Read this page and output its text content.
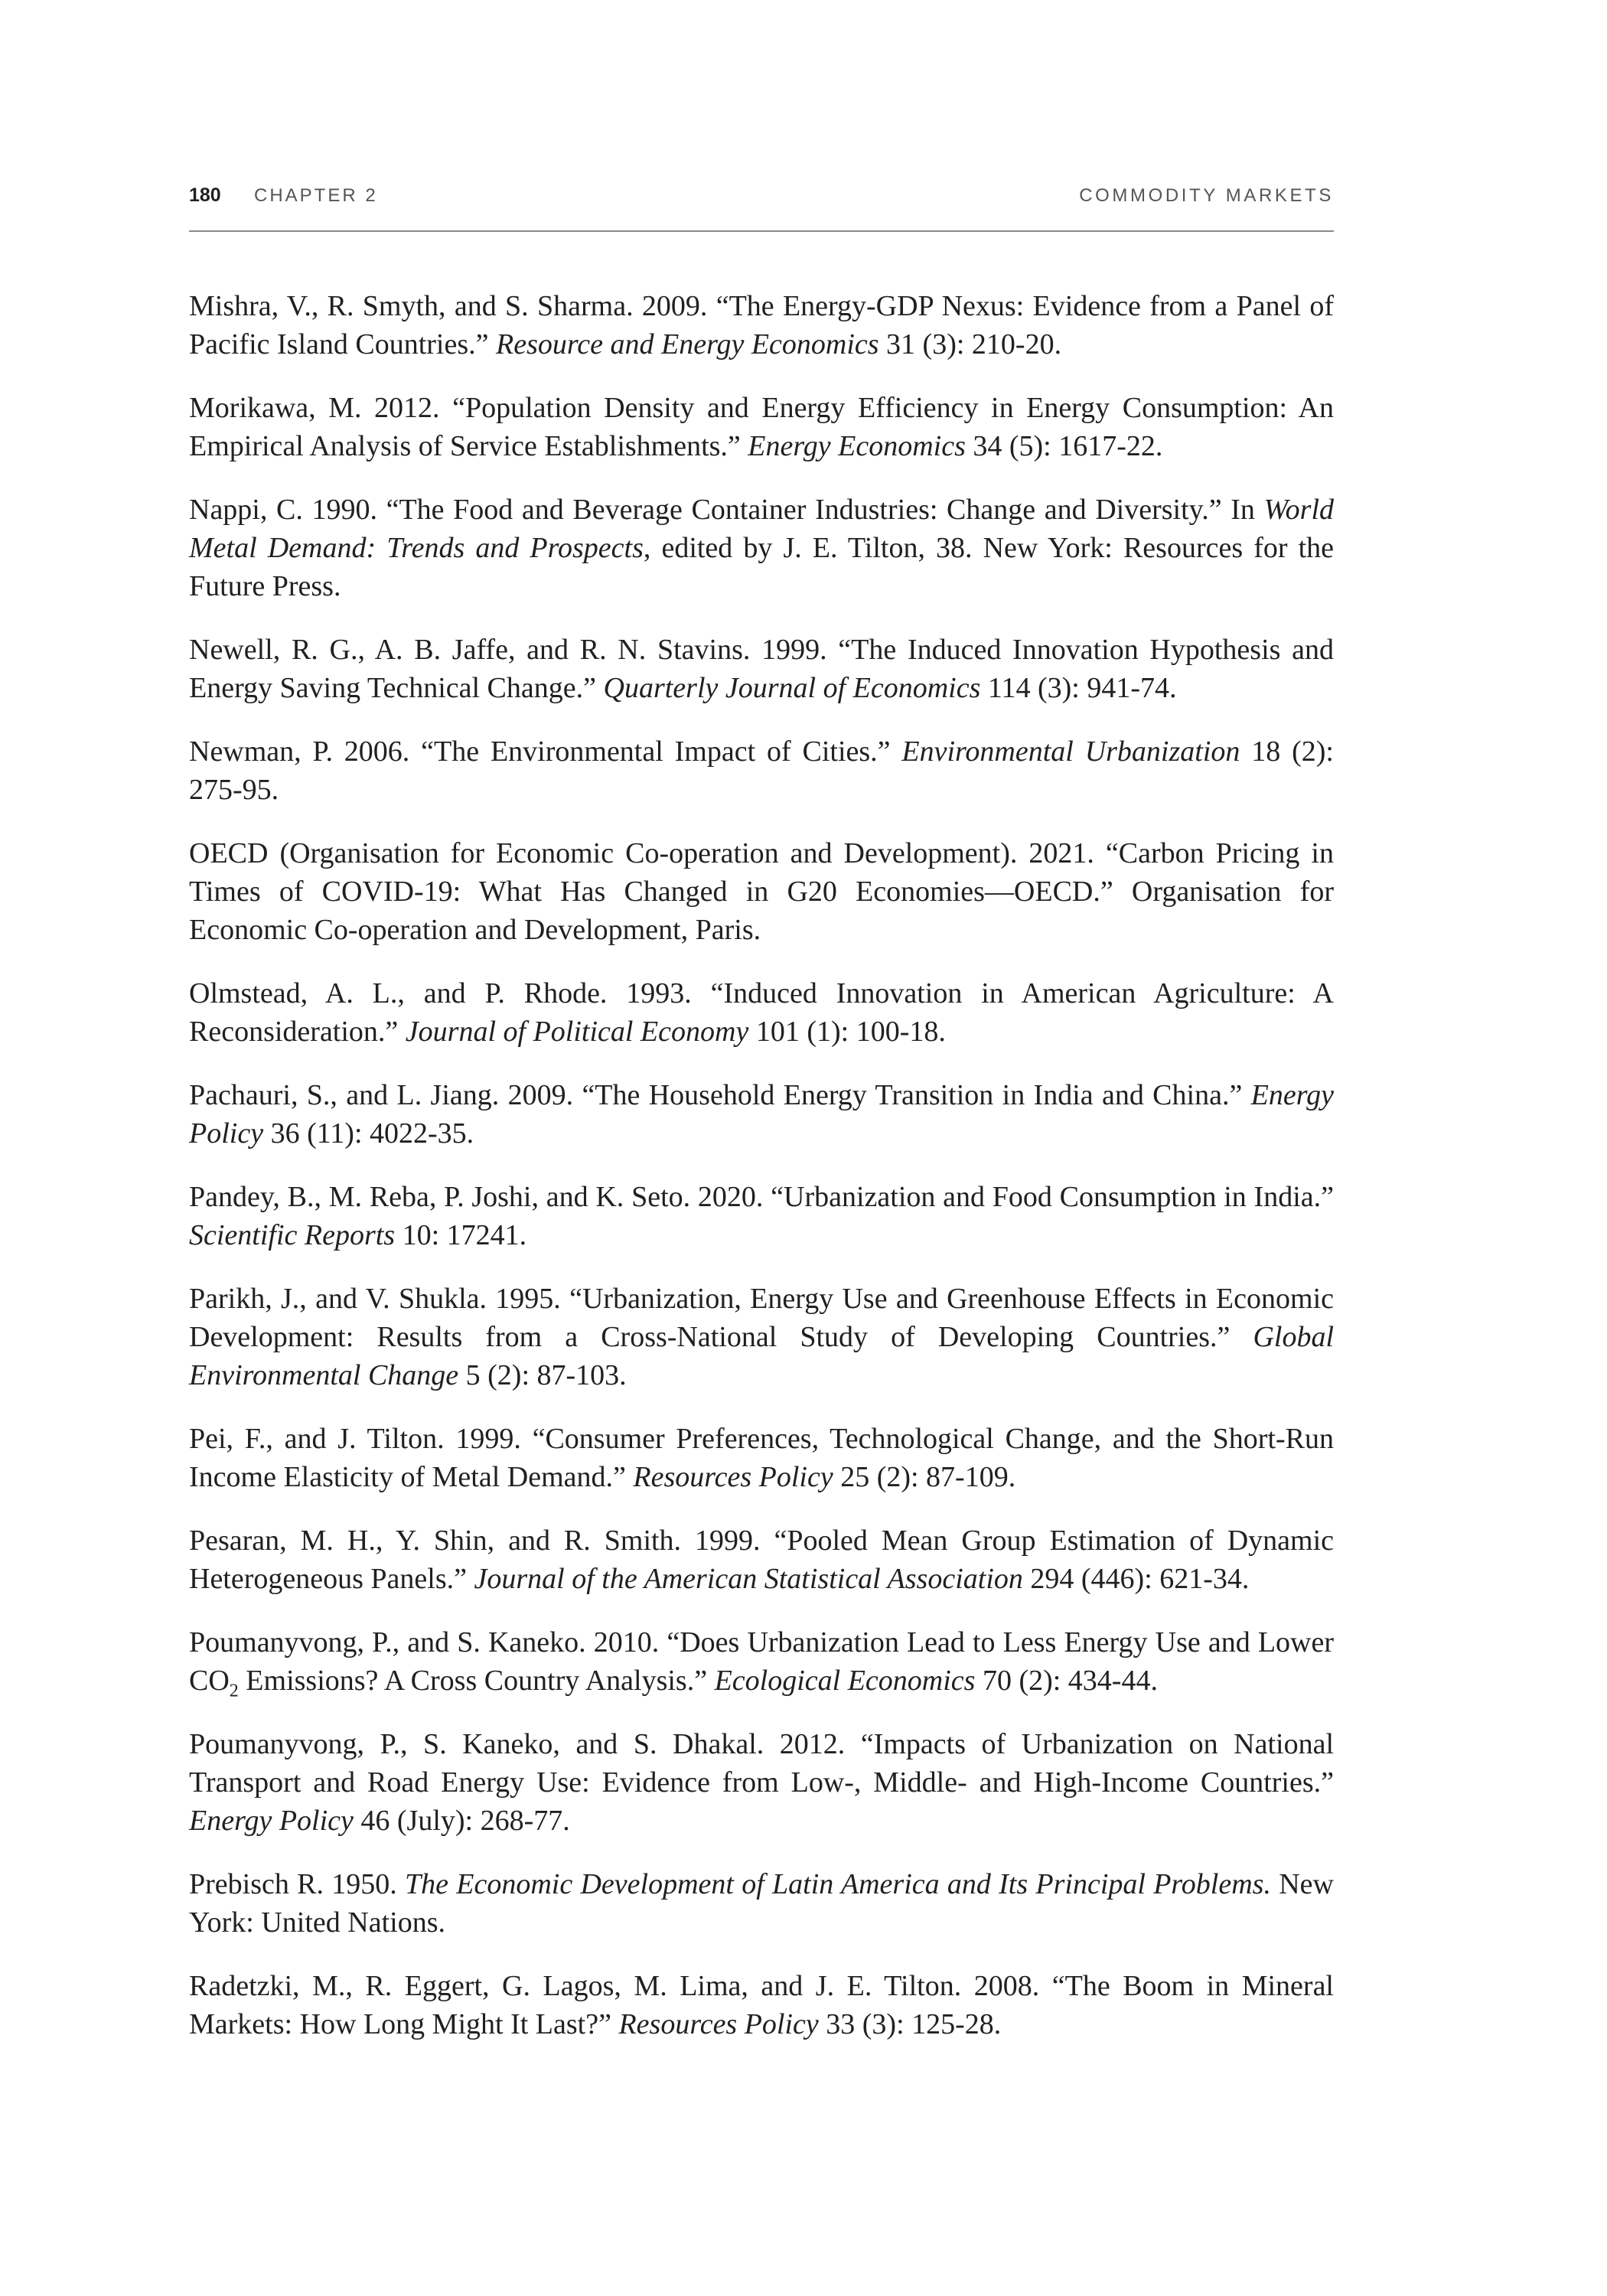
180 CHAPTER 2	COMMODITY MARKETS

Mishra, V., R. Smyth, and S. Sharma. 2009. “The Energy-GDP Nexus: Evidence from a Panel of Pacific Island Countries.” Resource and Energy Economics 31 (3): 210-20.

Morikawa, M. 2012. “Population Density and Energy Efficiency in Energy Consumption: An Empirical Analysis of Service Establishments.” Energy Economics 34 (5): 1617-22.

Nappi, C. 1990. “The Food and Beverage Container Industries: Change and Diversity.” In World Metal Demand: Trends and Prospects, edited by J. E. Tilton, 38. New York: Resources for the Future Press.

Newell, R. G., A. B. Jaffe, and R. N. Stavins. 1999. “The Induced Innovation Hypothesis and Energy Saving Technical Change.” Quarterly Journal of Economics 114 (3): 941-74.

Newman, P. 2006. “The Environmental Impact of Cities.” Environmental Urbanization 18 (2): 275-95.

OECD (Organisation for Economic Co-operation and Development). 2021. “Carbon Pricing in Times of COVID-19: What Has Changed in G20 Economies—OECD.” Organisation for Economic Co-operation and Development, Paris.

Olmstead, A. L., and P. Rhode. 1993. “Induced Innovation in American Agriculture: A Reconsideration.” Journal of Political Economy 101 (1): 100-18.

Pachauri, S., and L. Jiang. 2009. “The Household Energy Transition in India and China.” Energy Policy 36 (11): 4022-35.

Pandey, B., M. Reba, P. Joshi, and K. Seto. 2020. “Urbanization and Food Consumption in India.” Scientific Reports 10: 17241.

Parikh, J., and V. Shukla. 1995. “Urbanization, Energy Use and Greenhouse Effects in Economic Development: Results from a Cross-National Study of Developing Countries.” Global Environmental Change 5 (2): 87-103.

Pei, F., and J. Tilton. 1999. “Consumer Preferences, Technological Change, and the Short-Run Income Elasticity of Metal Demand.” Resources Policy 25 (2): 87-109.

Pesaran, M. H., Y. Shin, and R. Smith. 1999. “Pooled Mean Group Estimation of Dynamic Heterogeneous Panels.” Journal of the American Statistical Association 294 (446): 621-34.

Poumanyvong, P., and S. Kaneko. 2010. “Does Urbanization Lead to Less Energy Use and Lower $CO_2$ Emissions? A Cross Country Analysis.” Ecological Economics 70 (2): 434-44.

Poumanyvong, P., S. Kaneko, and S. Dhakal. 2012. “Impacts of Urbanization on National Transport and Road Energy Use: Evidence from Low-, Middle- and High-Income Countries.” Energy Policy 46 (July): 268-77.

Prebisch R. 1950. The Economic Development of Latin America and Its Principal Problems. New York: United Nations.

Radetzki, M., R. Eggert, G. Lagos, M. Lima, and J. E. Tilton. 2008. “The Boom in Mineral Markets: How Long Might It Last?” Resources Policy 33 (3): 125-28.
